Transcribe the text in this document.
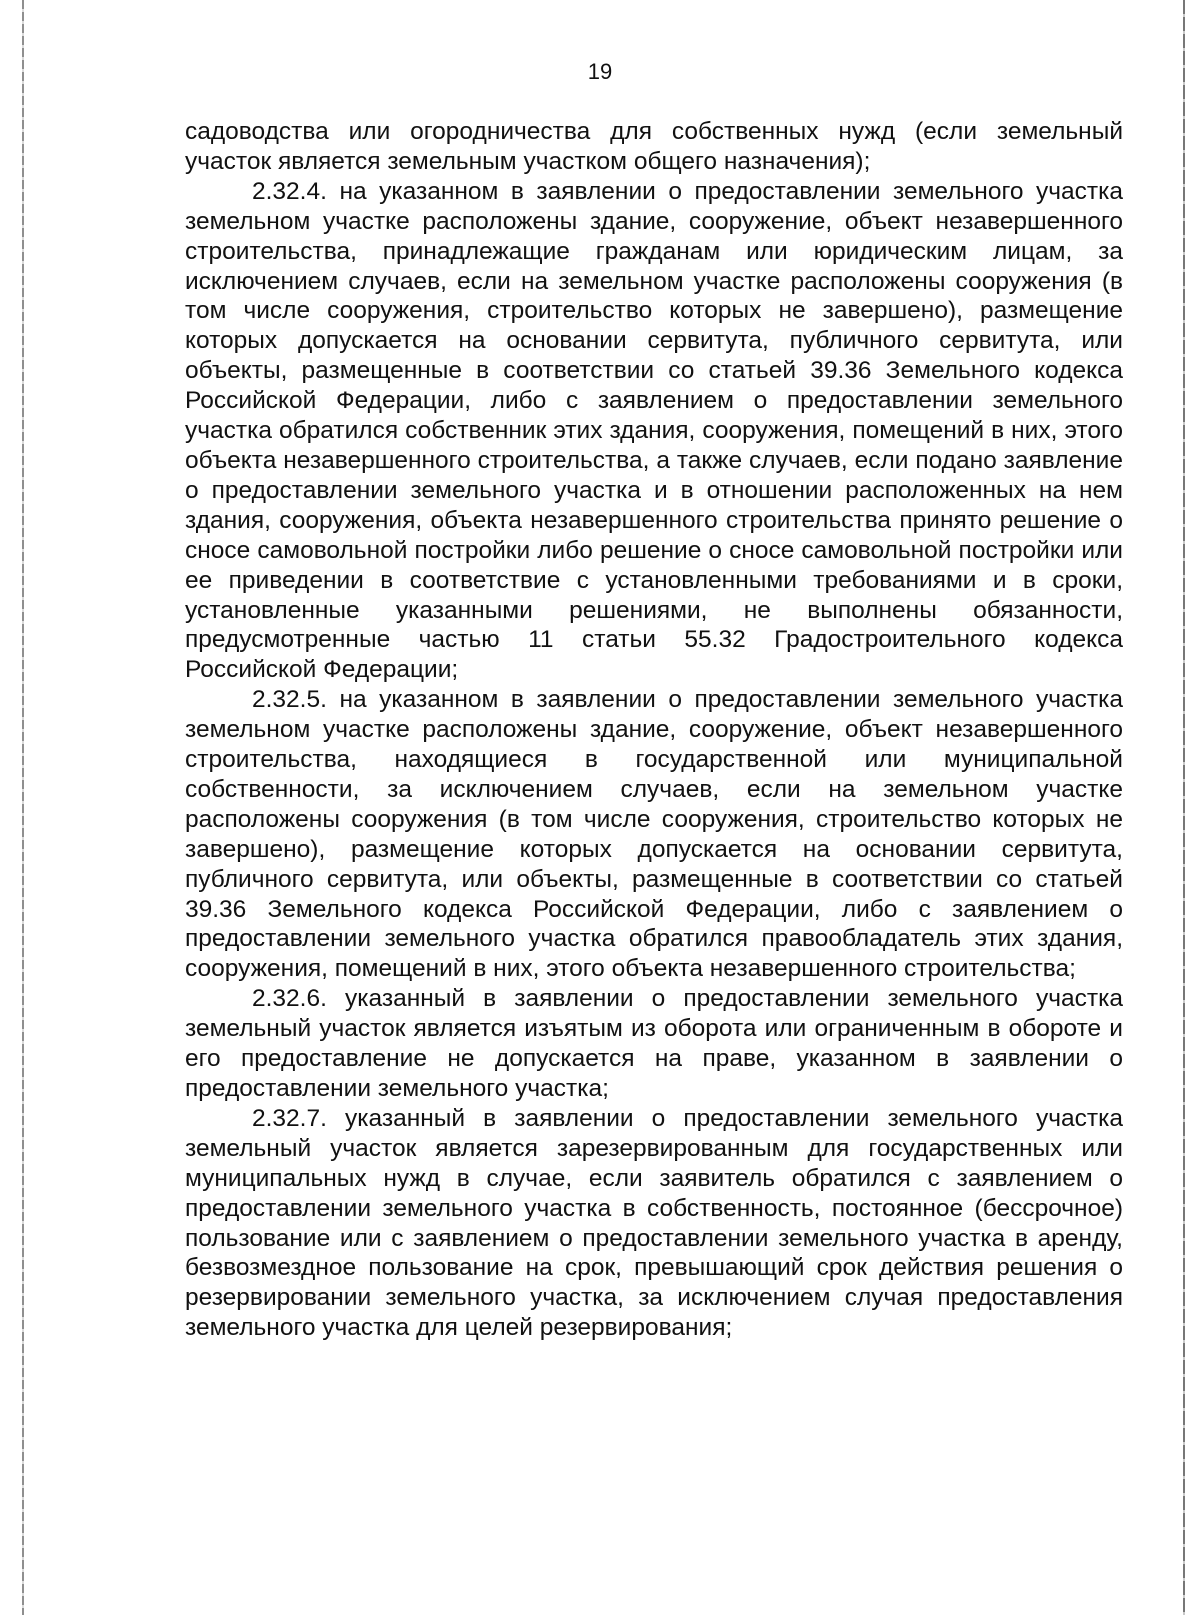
19

садоводства или огородничества для собственных нужд (если земельный участок является земельным участком общего назначения);

2.32.4. на указанном в заявлении о предоставлении земельного участка земельном участке расположены здание, сооружение, объект незавершенного строительства, принадлежащие гражданам или юридическим лицам, за исключением случаев, если на земельном участке расположены сооружения (в том числе сооружения, строительство которых не завершено), размещение которых допускается на основании сервитута, публичного сервитута, или объекты, размещенные в соответствии со статьей 39.36 Земельного кодекса Российской Федерации, либо с заявлением о предоставлении земельного участка обратился собственник этих здания, сооружения, помещений в них, этого объекта незавершенного строительства, а также случаев, если подано заявление о предоставлении земельного участка и в отношении расположенных на нем здания, сооружения, объекта незавершенного строительства принято решение о сносе самовольной постройки либо решение о сносе самовольной постройки или ее приведении в соответствие с установленными требованиями и в сроки, установленные указанными решениями, не выполнены обязанности, предусмотренные частью 11 статьи 55.32 Градостроительного кодекса Российской Федерации;

2.32.5. на указанном в заявлении о предоставлении земельного участка земельном участке расположены здание, сооружение, объект незавершенного строительства, находящиеся в государственной или муниципальной собственности, за исключением случаев, если на земельном участке расположены сооружения (в том числе сооружения, строительство которых не завершено), размещение которых допускается на основании сервитута, публичного сервитута, или объекты, размещенные в соответствии со статьей 39.36 Земельного кодекса Российской Федерации, либо с заявлением о предоставлении земельного участка обратился правообладатель этих здания, сооружения, помещений в них, этого объекта незавершенного строительства;

2.32.6. указанный в заявлении о предоставлении земельного участка земельный участок является изъятым из оборота или ограниченным в обороте и его предоставление не допускается на праве, указанном в заявлении о предоставлении земельного участка;

2.32.7. указанный в заявлении о предоставлении земельного участка земельный участок является зарезервированным для государственных или муниципальных нужд в случае, если заявитель обратился с заявлением о предоставлении земельного участка в собственность, постоянное (бессрочное) пользование или с заявлением о предоставлении земельного участка в аренду, безвозмездное пользование на срок, превышающий срок действия решения о резервировании земельного участка, за исключением случая предоставления земельного участка для целей резервирования;
